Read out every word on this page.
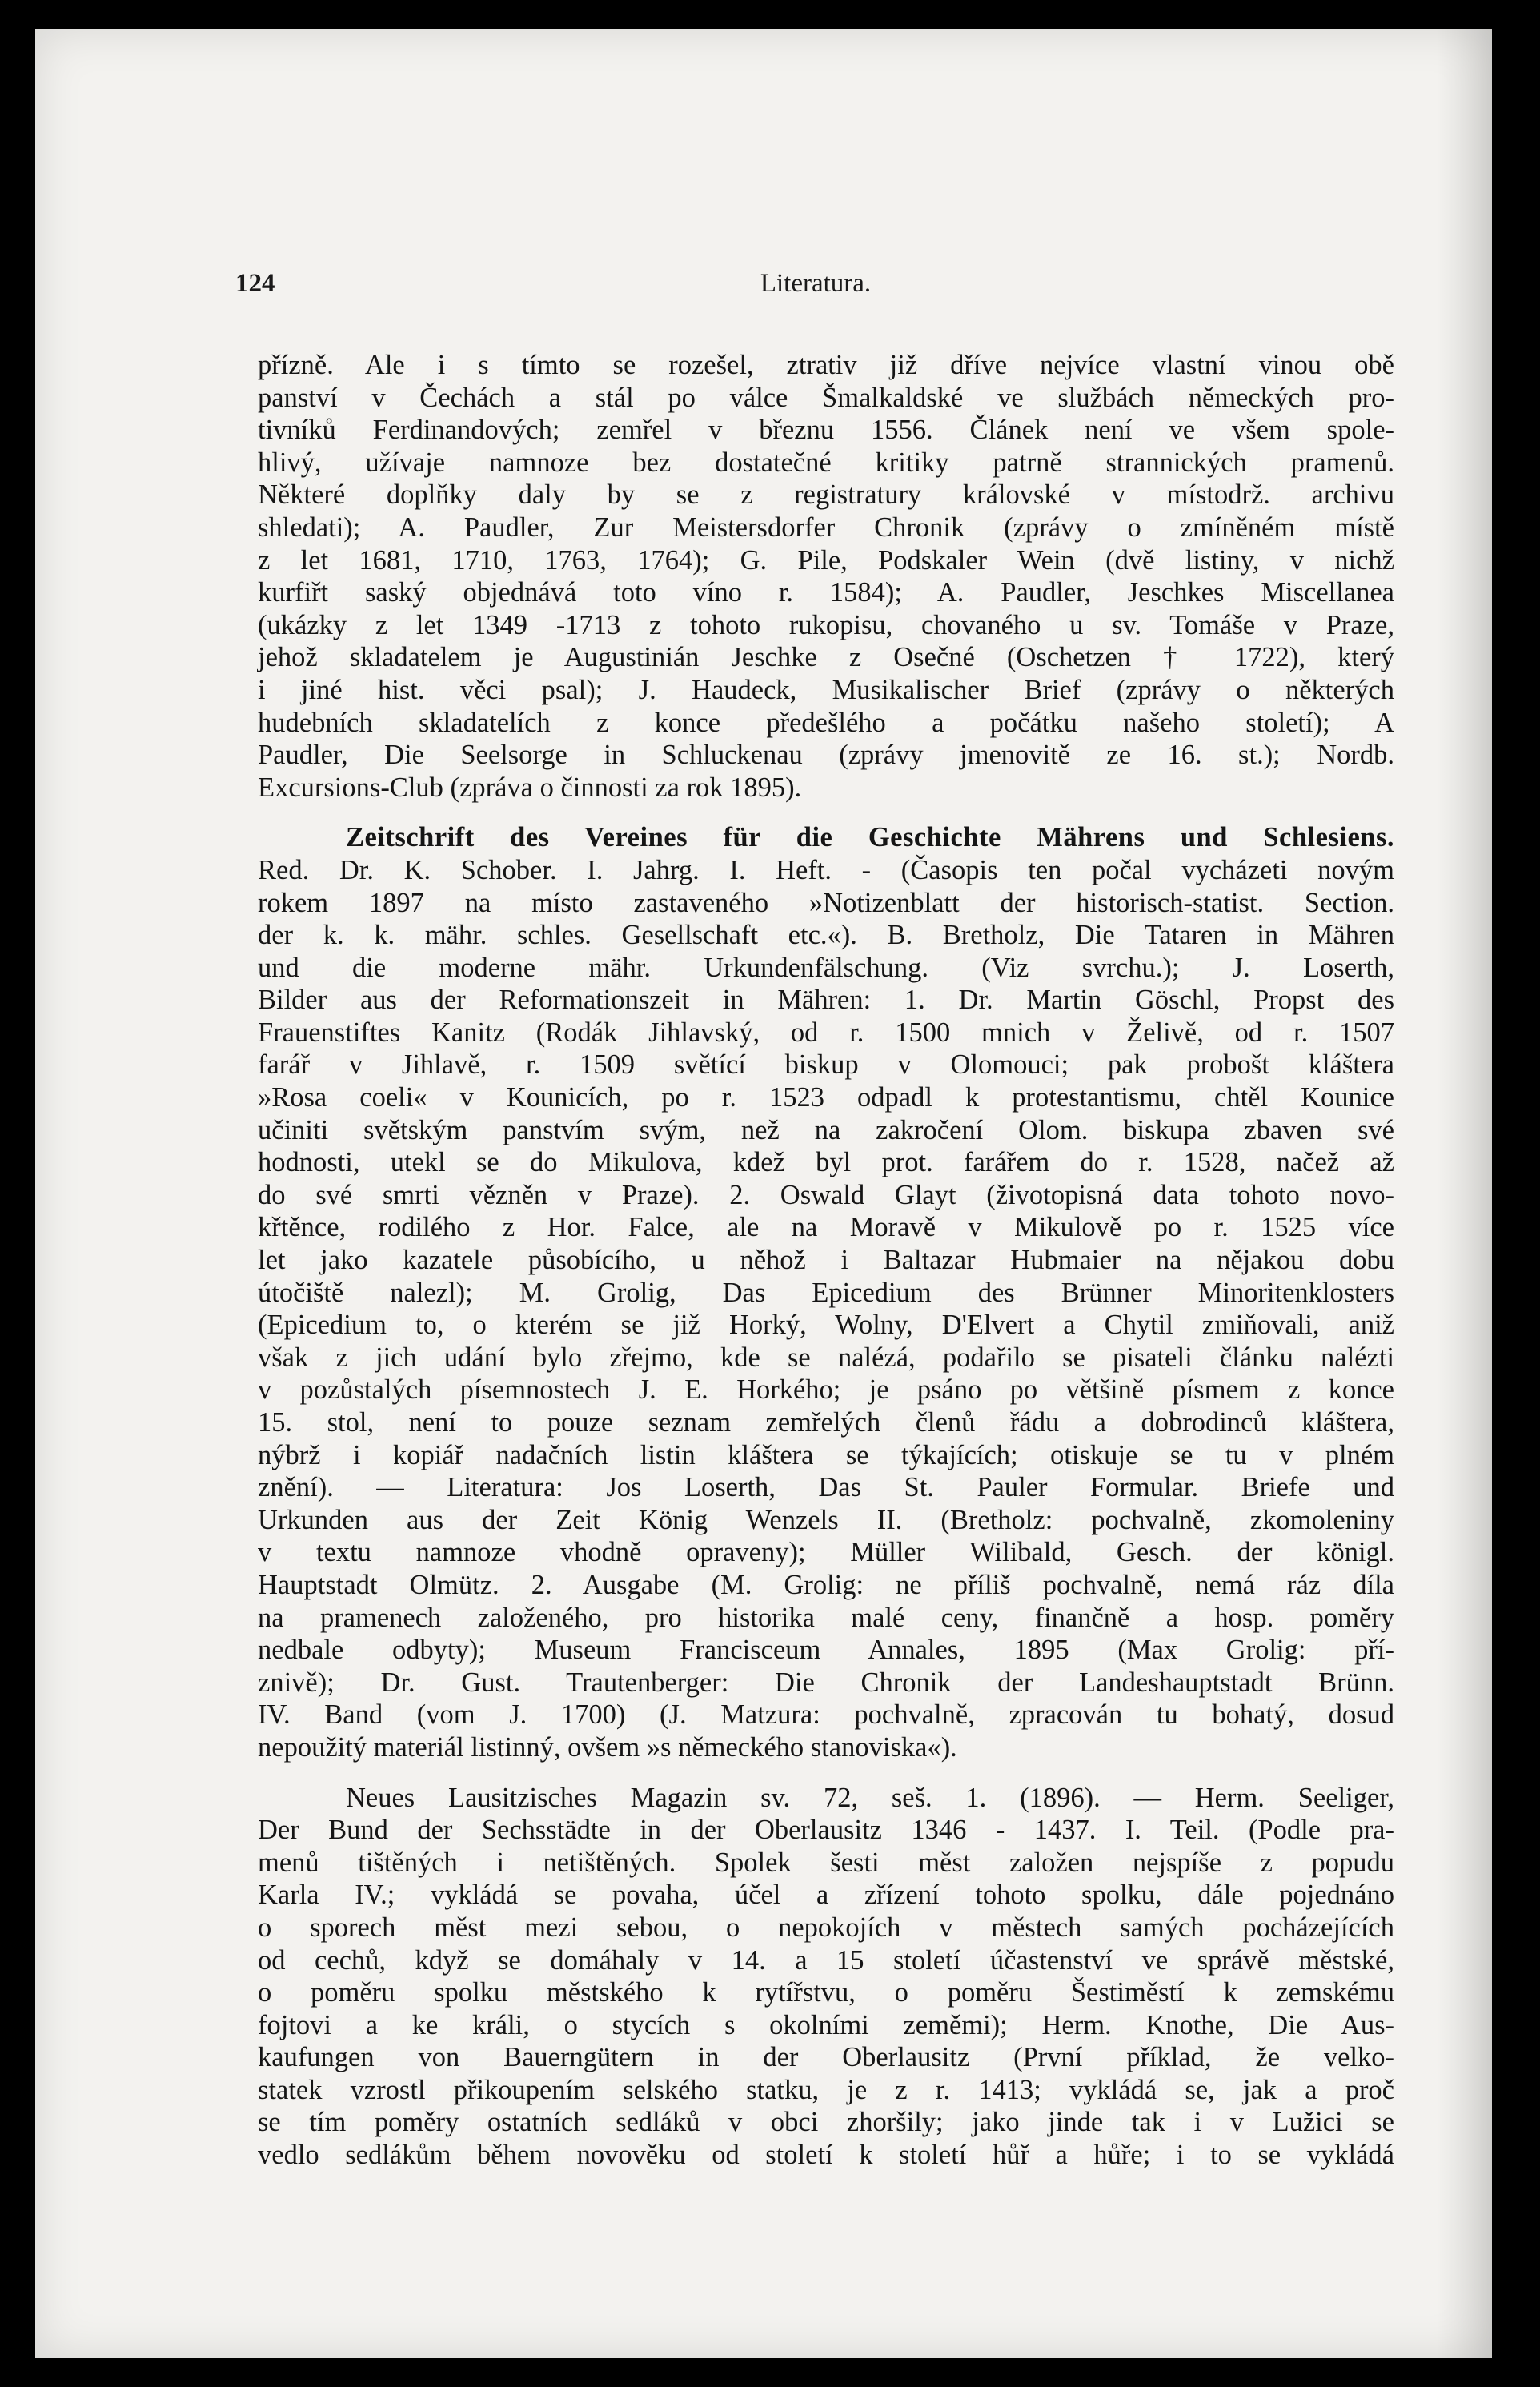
124	Literatura.
přízně. Ale i s tímto se rozešel, ztrativ již dříve nejvíce vlastní vinou obě
panství v Čechách a stál po válce Šmalkaldské ve službách německých pro-
tivníků Ferdinandových; zemřel v březnu 1556. Článek není ve všem spole-
hlivý, užívaje namnoze bez dostatečné kritiky patrně strannických pramenů.
Některé doplňky daly by se z registratury královské v místodrž. archivu
shledati); A. Paudler, Zur Meistersdorfer Chronik (zprávy o zmíněném místě
z let 1681, 1710, 1763, 1764); G. Pile, Podskaler Wein (dvě listiny, v nichž
kurfiřt saský objednává toto víno r. 1584); A. Paudler, Jeschkes Miscellanea
(ukázky z let 1349 -1713 z tohoto rukopisu, chovaného u sv. Tomáše v Praze,
jehož skladatelem je Augustinián Jeschke z Osečné (Oschetzen † 1722), který
i jiné hist. věci psal); J. Haudeck, Musikalischer Brief (zprávy o některých
hudebních skladatelích z konce předešlého a počátku našeho století); A
Paudler, Die Seelsorge in Schluckenau (zprávy jmenovitě ze 16. st.); Nordb.
Excursions-Club (zpráva o činnosti za rok 1895).
Zeitschrift des Vereines für die Geschichte Mährens und Schlesiens.
Red. Dr. K. Schober. I. Jahrg. I. Heft. - (Časopis ten počal vycházeti novým
rokem 1897 na místo zastaveného »Notizenblatt der historisch-statist. Section.
der k. k. mähr. schles. Gesellschaft etc.«). B. Bretholz, Die Tataren in Mähren
und die moderne mähr. Urkundenfälschung. (Viz svrchu.); J. Loserth,
Bilder aus der Reformationszeit in Mähren: 1. Dr. Martin Göschl, Propst des
Frauenstiftes Kanitz (Rodák Jihlavský, od r. 1500 mnich v Želivě, od r. 1507
farář v Jihlavě, r. 1509 světící biskup v Olomouci; pak probošt kláštera
»Rosa coeli« v Kounicích, po r. 1523 odpadl k protestantismu, chtěl Kounice
učiniti světským panstvím svým, než na zakročení Olom. biskupa zbaven své
hodnosti, utekl se do Mikulova, kdež byl prot. farářem do r. 1528, načež až
do své smrti vězněn v Praze). 2. Oswald Glayt (životopisná data tohoto novo-
křtěnce, rodilého z Hor. Falce, ale na Moravě v Mikulově po r. 1525 více
let jako kazatele působícího, u něhož i Baltazar Hubmaier na nějakou dobu
útočiště nalezl); M. Grolig, Das Epicedium des Brünner Minoritenklosters
(Epicedium to, o kterém se již Horký, Wolny, D'Elvert a Chytil zmiňovali, aniž
však z jich udání bylo zřejmo, kde se nalézá, podařilo se pisateli článku nalézti
v pozůstalých písemnostech J. E. Horkého; je psáno po většině písmem z konce
15. stol, není to pouze seznam zemřelých členů řádu a dobrodinců kláštera,
nýbrž i kopiář nadačních listin kláštera se týkajících; otiskuje se tu v plném
znění). — Literatura: Jos Loserth, Das St. Pauler Formular. Briefe und
Urkunden aus der Zeit König Wenzels II. (Bretholz: pochvalně, zkomoleniny
v textu namnoze vhodně opraveny); Müller Wilibald, Gesch. der königl.
Hauptstadt Olmütz. 2. Ausgabe (M. Grolig: ne příliš pochvalně, nemá ráz díla
na pramenech založeného, pro historika malé ceny, finančně a hosp. poměry
nedbale odbyty); Museum Francisceum Annales, 1895 (Max Grolig: pří-
znivě); Dr. Gust. Trautenberger: Die Chronik der Landeshauptstadt Brünn.
IV. Band (vom J. 1700) (J. Matzura: pochvalně, zpracován tu bohatý, dosud
nepoužitý materiál listinný, ovšem »s německého stanoviska«).
Neues Lausitzisches Magazin sv. 72, seš. 1. (1896). — Herm. Seeliger,
Der Bund der Sechsstädte in der Oberlausitz 1346 - 1437. I. Teil. (Podle pra-
menů tištěných i netištěných. Spolek šesti měst založen nejspíše z popudu
Karla IV.; vykládá se povaha, účel a zřízení tohoto spolku, dále pojednáno
o sporech měst mezi sebou, o nepokojích v městech samých pocházejících
od cechů, když se domáhaly v 14. a 15 století účastenství ve správě městské,
o poměru spolku městského k rytířstvu, o poměru Šestiměstí k zemskému
fojtovi a ke králi, o stycích s okolními zeměmi); Herm. Knothe, Die Aus-
kaufungen von Bauerngütern in der Oberlausitz (První příklad, že velko-
statek vzrostl přikoupením selského statku, je z r. 1413; vykládá se, jak a proč
se tím poměry ostatních sedláků v obci zhoršily; jako jinde tak i v Lužici se
vedlo sedlákům během novověku od století k století hůř a hůře; i to se vykládá
